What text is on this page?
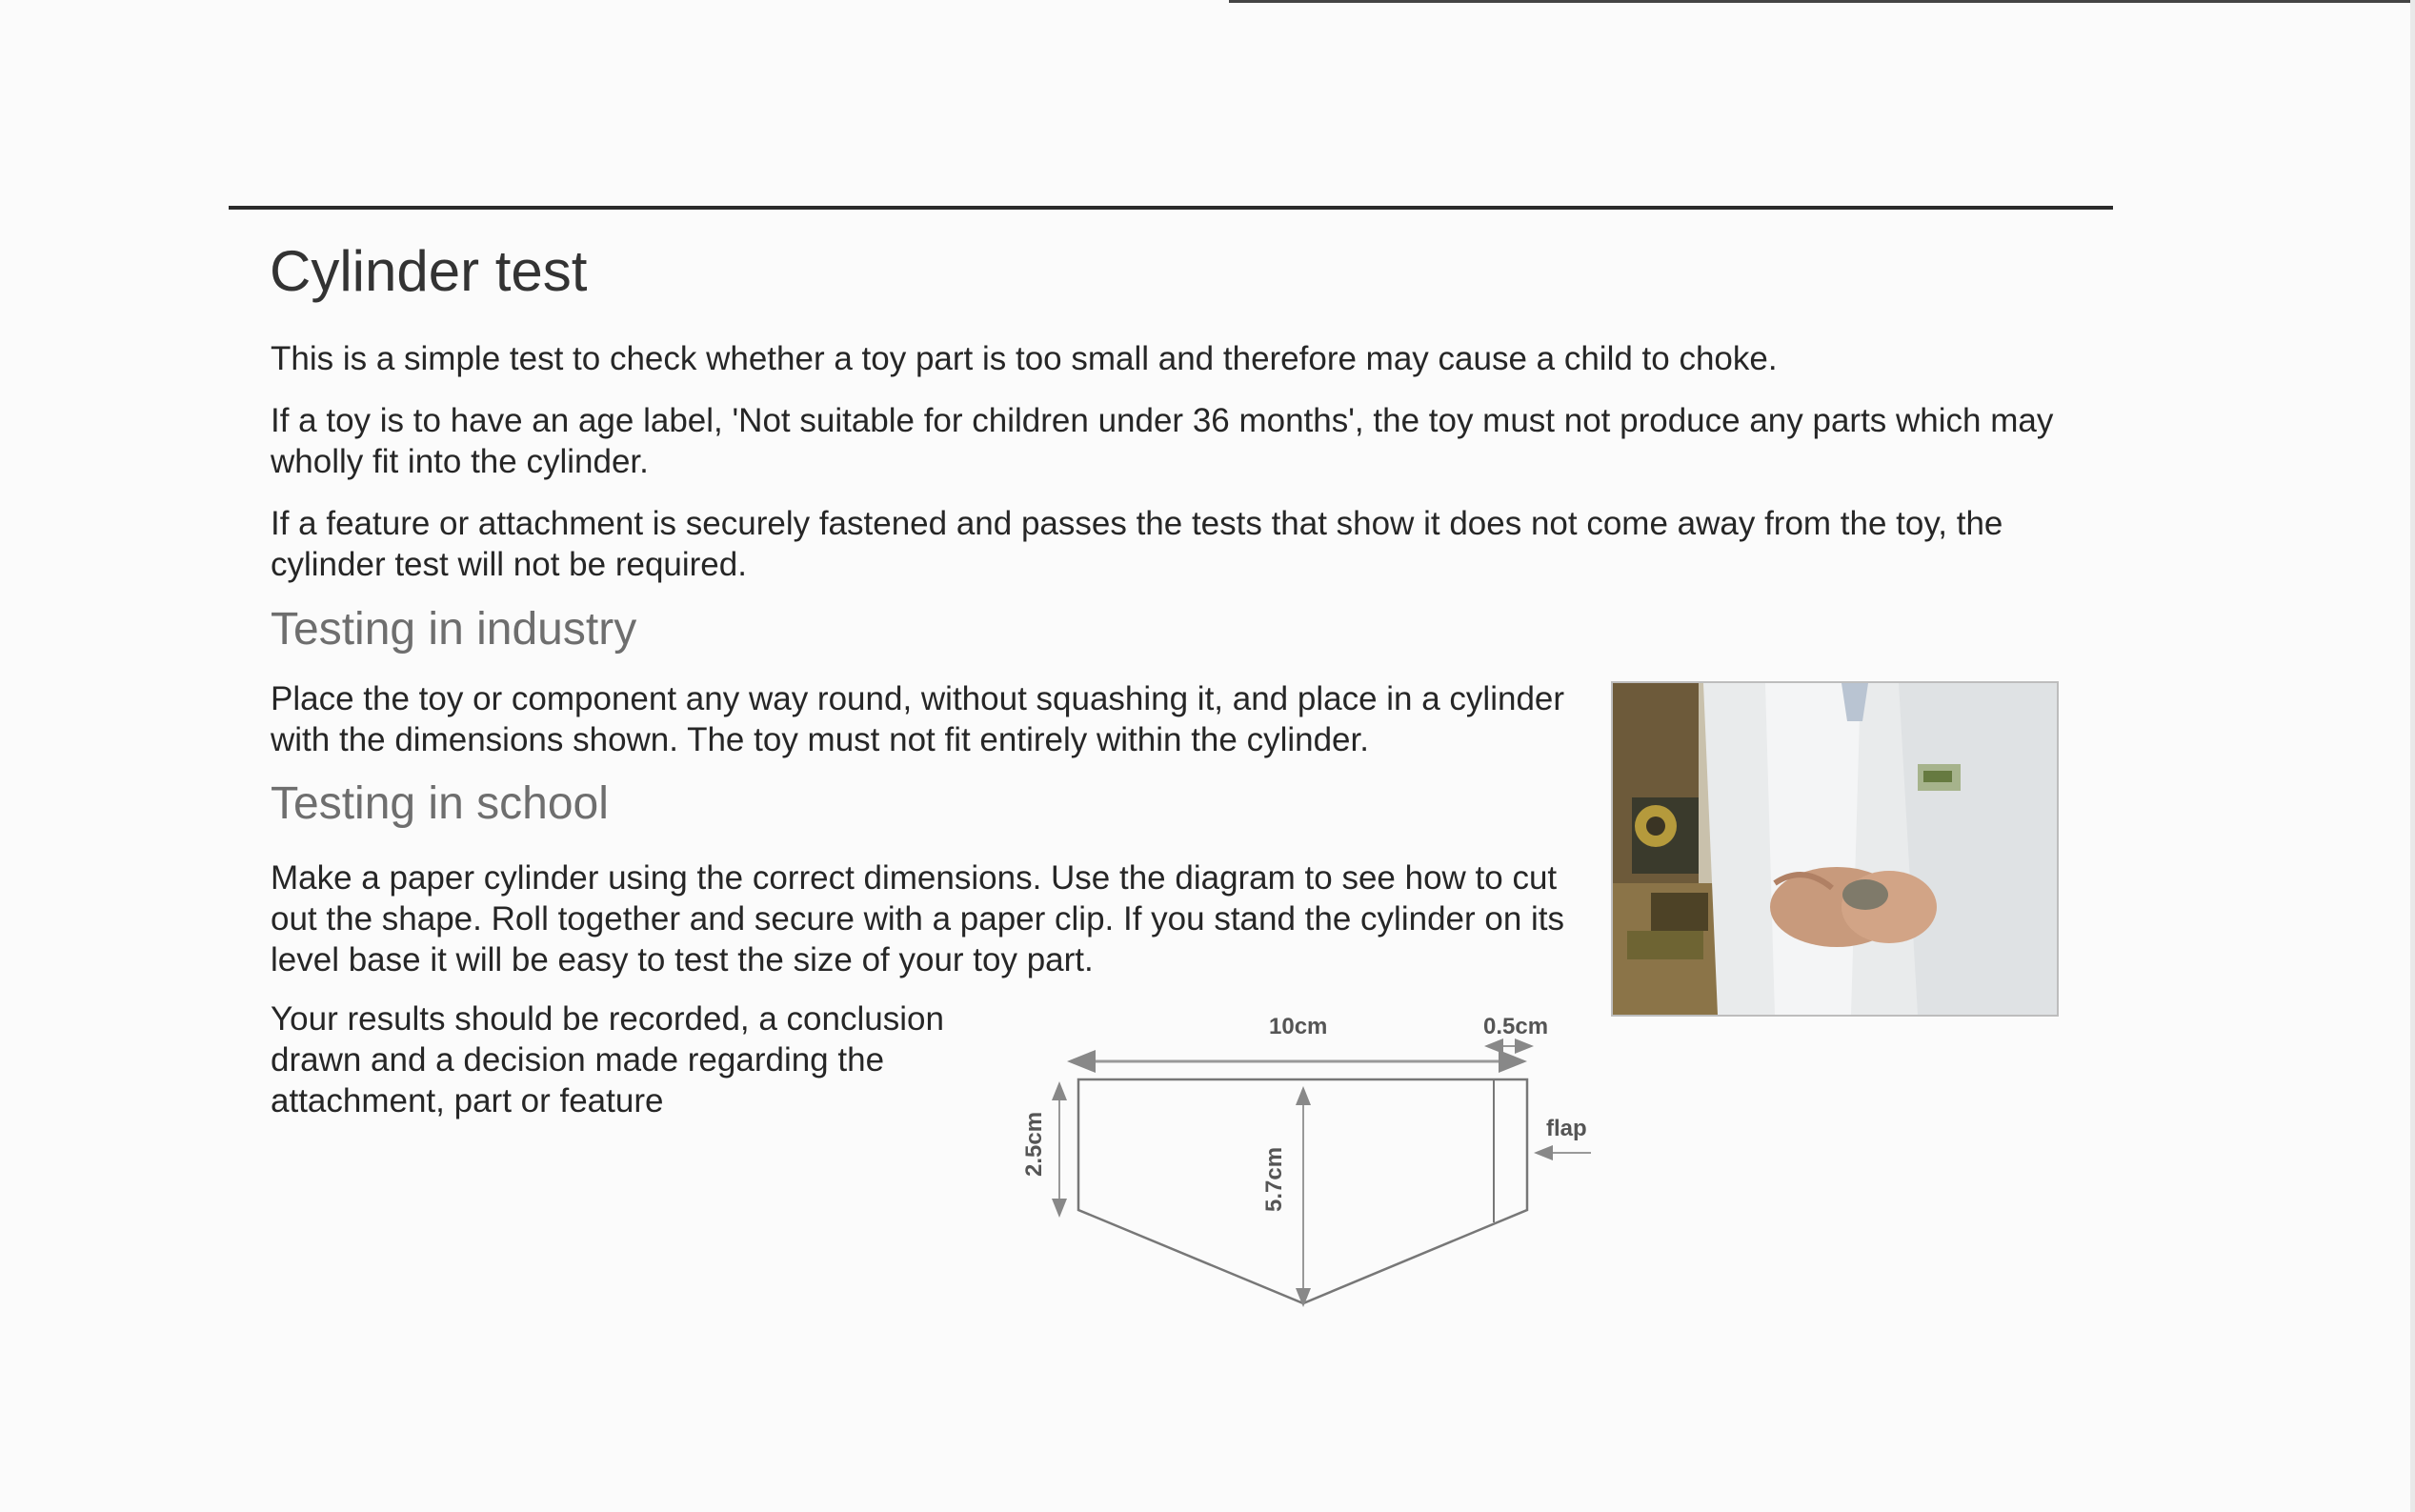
Cylinder test

This is a simple test to check whether a toy part is too small and therefore may cause a child to choke.

If a toy is to have an age label, 'Not suitable for children under 36 months', the toy must not produce any parts which may wholly fit into the cylinder.

If a feature or attachment is securely fastened and passes the tests that show it does not come away from the toy, the cylinder test will not be required.

Testing in industry

Place the toy or component any way round, without squashing it, and place in a cylinder with the dimensions shown. The toy must not fit entirely within the cylinder.

Testing in school

Make a paper cylinder using the correct dimensions. Use the diagram to see how to cut out the shape. Roll together and secure with a paper clip. If you stand the cylinder on its level base it will be easy to test the size of your toy part.

Your results should be recorded, a conclusion drawn and a decision made regarding the attachment, part or feature

10cm	0.5cm
flap
2.5cm
5.7cm
